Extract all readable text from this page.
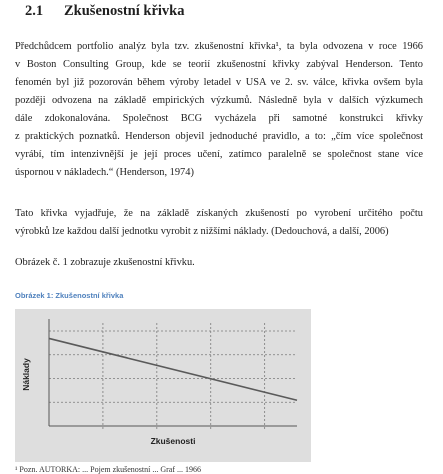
2.1 Zkušenostní křivka
Předchůdcem portfolio analýz byla tzv. zkušenostní křivka¹, ta byla odvozena v roce 1966
v Boston Consulting Group, kde se teorií zkušenostní křivky zabýval Henderson. Tento
fenomén byl již pozorován během výroby letadel v USA ve 2. sv. válce, křivka ovšem byla
později odvozena na základě empirických výzkumů. Následně byla v dalších výzkumech
dále zdokonalována. Společnost BCG vycházela při samotné konstrukci křivky
z praktických poznatků. Henderson objevil jednoduché pravidlo, a to: „čím více společnost
vyrábí, tím intenzivnější je její proces učení, zatímco paralelně se společnost stane více
úspornou v nákladech.“ (Henderson, 1974)
Tato křivka vyjadřuje, že na základě získaných zkušeností po vyrobení určitého počtu
výrobků lze každou další jednotku vyrobit z nižšími náklady. (Dedouchová, a další, 2006)
Obrázek č. 1 zobrazuje zkušenostní křivku.
Obrázek 1: Zkušenostní křivka
Náklady
Zkušenosti
¹ Pozn. AUTORKA: ... Pojem zkušenostní ... Graf ... 1966
